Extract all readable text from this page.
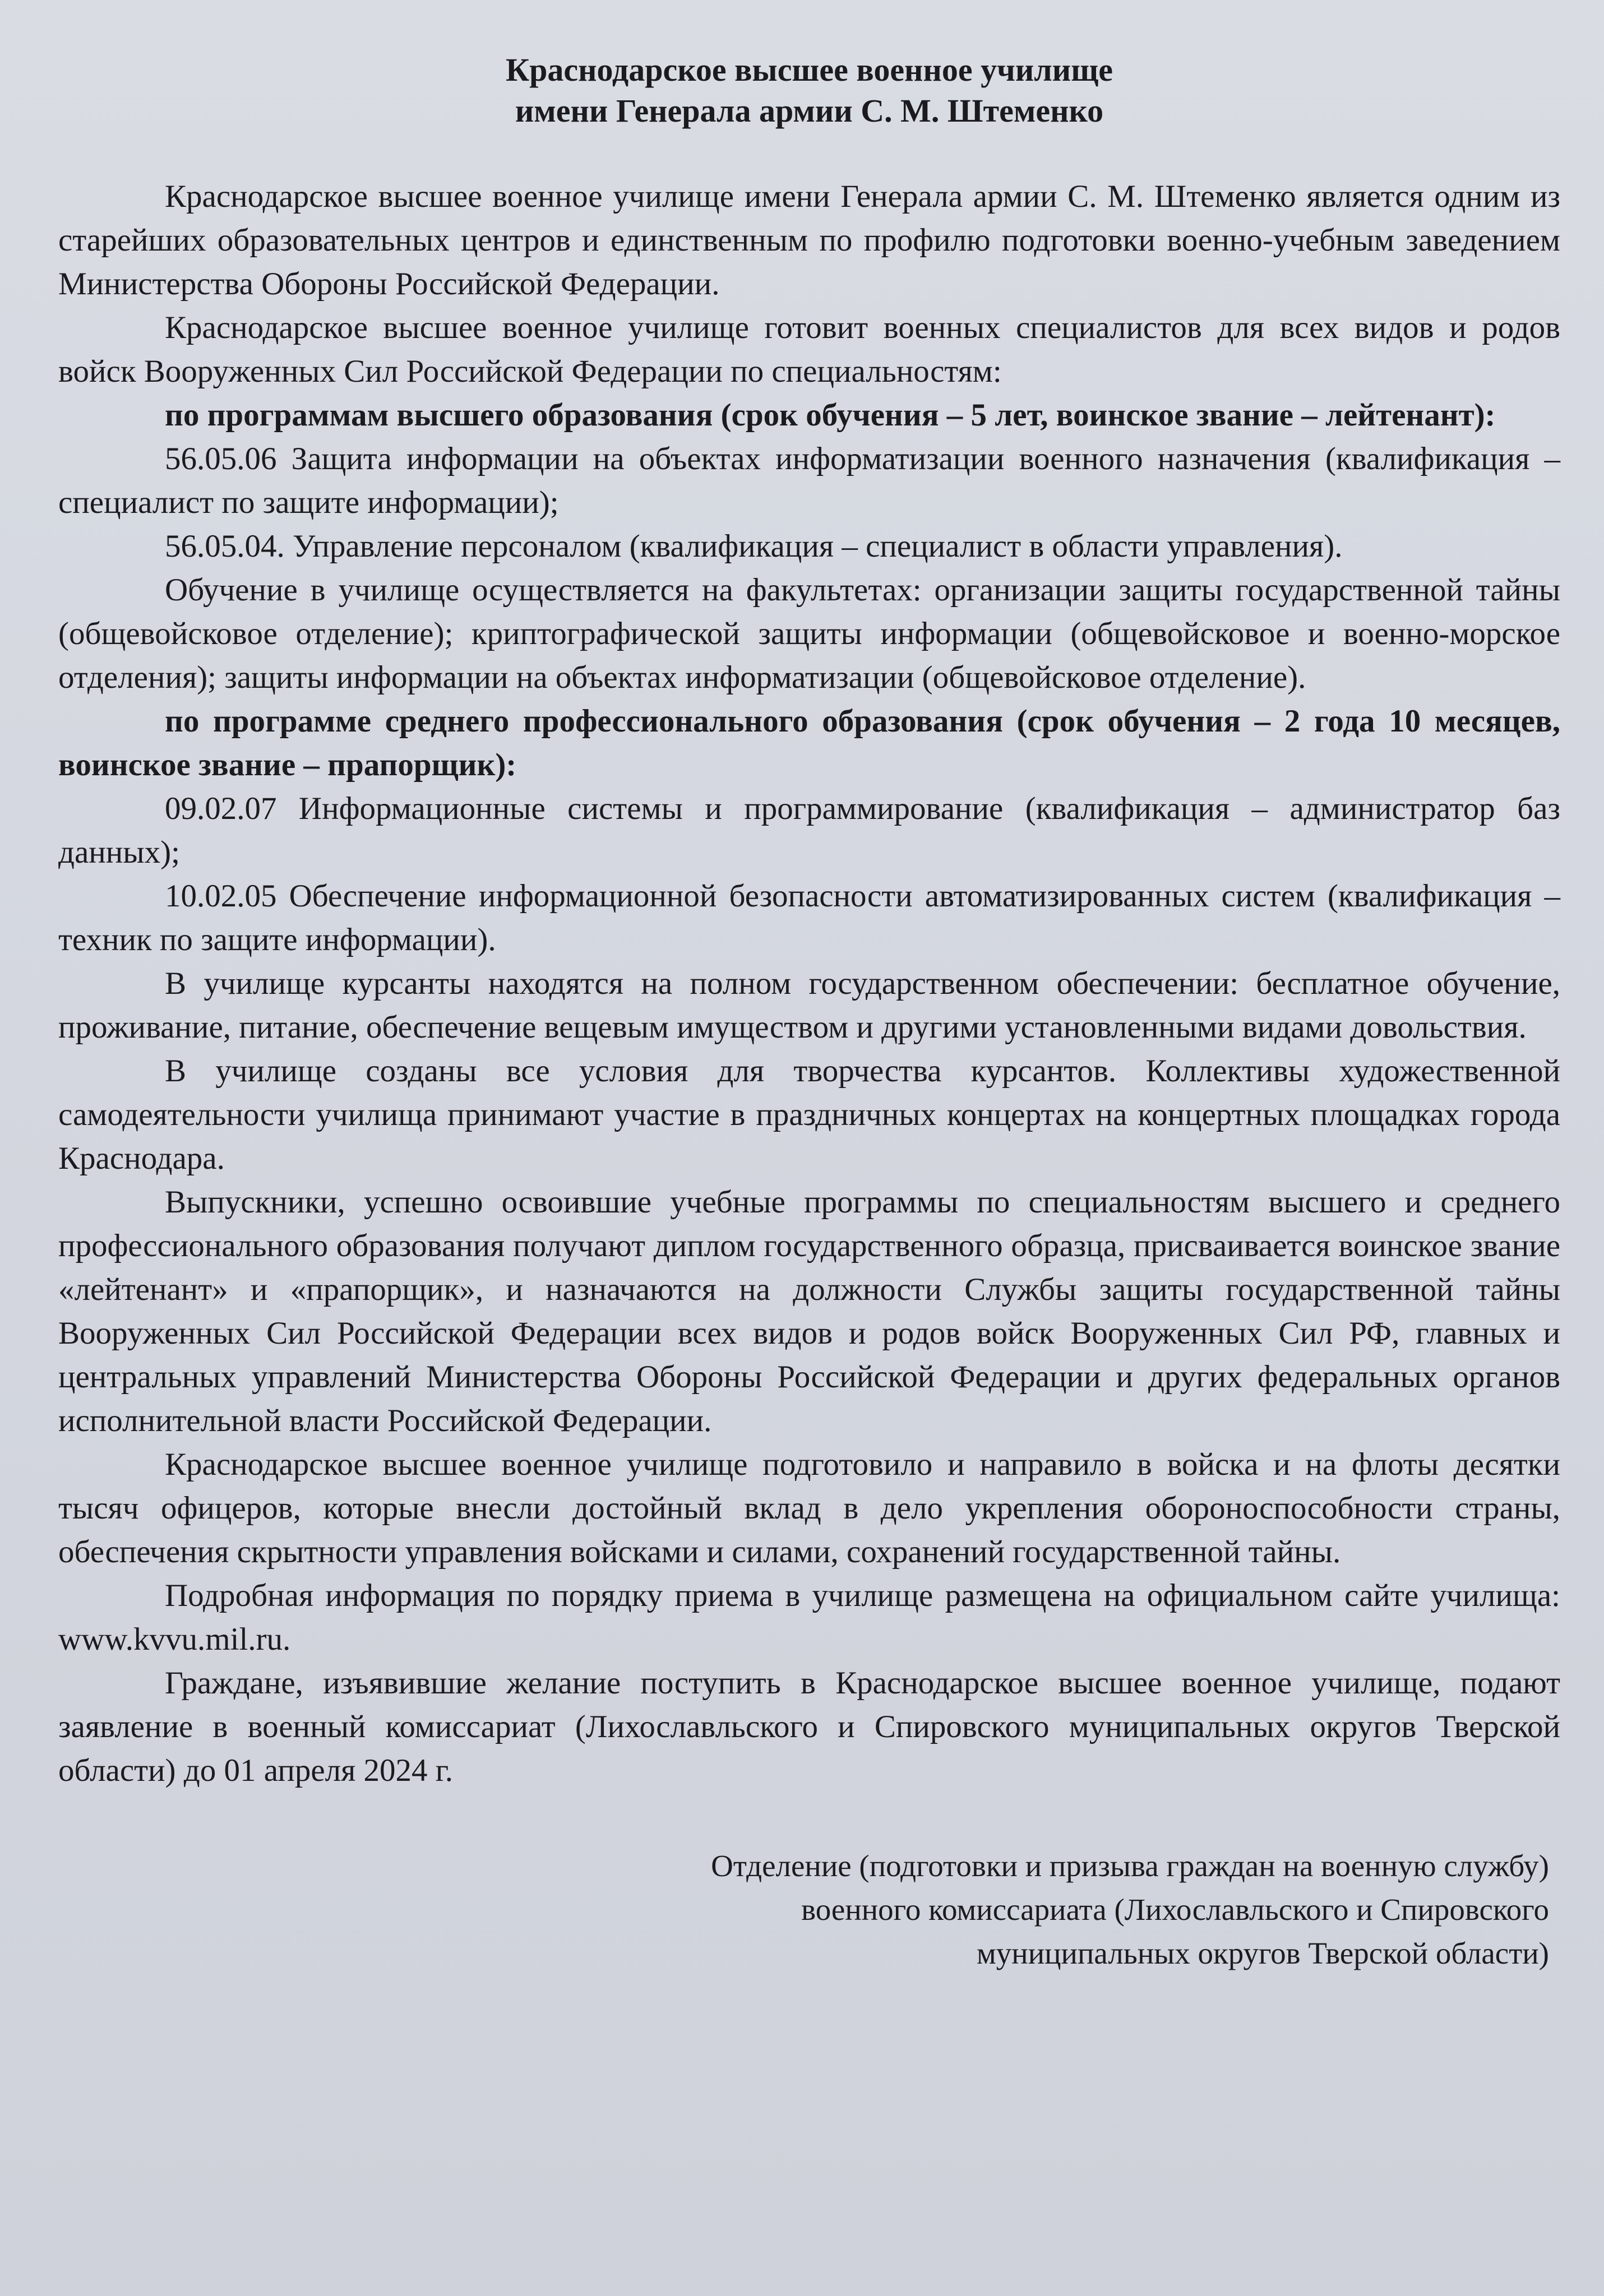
Краснодарское высшее военное училище
имени Генерала армии С. М. Штеменко

Краснодарское высшее военное училище имени Генерала армии С. М. Штеменко является одним из старейших образовательных центров и единственным по профилю подготовки военно-учебным заведением Министерства Обороны Российской Федерации.

Краснодарское высшее военное училище готовит военных специалистов для всех видов и родов войск Вооруженных Сил Российской Федерации по специальностям:

по программам высшего образования (срок обучения – 5 лет, воинское звание – лейтенант):

56.05.06 Защита информации на объектах информатизации военного назначения (квалификация – специалист по защите информации);

56.05.04. Управление персоналом (квалификация – специалист в области управления).

Обучение в училище осуществляется на факультетах: организации защиты государственной тайны (общевойсковое отделение); криптографической защиты информации (общевойсковое и военно-морское отделения); защиты информации на объектах информатизации (общевойсковое отделение).

по программе среднего профессионального образования (срок обучения – 2 года 10 месяцев, воинское звание – прапорщик):

09.02.07 Информационные системы и программирование (квалификация – администратор баз данных);

10.02.05 Обеспечение информационной безопасности автоматизированных систем (квалификация – техник по защите информации).

В училище курсанты находятся на полном государственном обеспечении: бесплатное обучение, проживание, питание, обеспечение вещевым имуществом и другими установленными видами довольствия.

В училище созданы все условия для творчества курсантов. Коллективы художественной самодеятельности училища принимают участие в праздничных концертах на концертных площадках города Краснодара.

Выпускники, успешно освоившие учебные программы по специальностям высшего и среднего профессионального образования получают диплом государственного образца, присваивается воинское звание «лейтенант» и «прапорщик», и назначаются на должности Службы защиты государственной тайны Вооруженных Сил Российской Федерации всех видов и родов войск Вооруженных Сил РФ, главных и центральных управлений Министерства Обороны Российской Федерации и других федеральных органов исполнительной власти Российской Федерации.

Краснодарское высшее военное училище подготовило и направило в войска и на флоты десятки тысяч офицеров, которые внесли достойный вклад в дело укрепления обороноспособности страны, обеспечения скрытности управления войсками и силами, сохранений государственной тайны.

Подробная информация по порядку приема в училище размещена на официальном сайте училища: www.kvvu.mil.ru.

Граждане, изъявившие желание поступить в Краснодарское высшее военное училище, подают заявление в военный комиссариат (Лихославльского и Спировского муниципальных округов Тверской области) до 01 апреля 2024 г.

Отделение (подготовки и призыва граждан на военную службу)
военного комиссариата (Лихославльского и Спировского
муниципальных округов Тверской области)
